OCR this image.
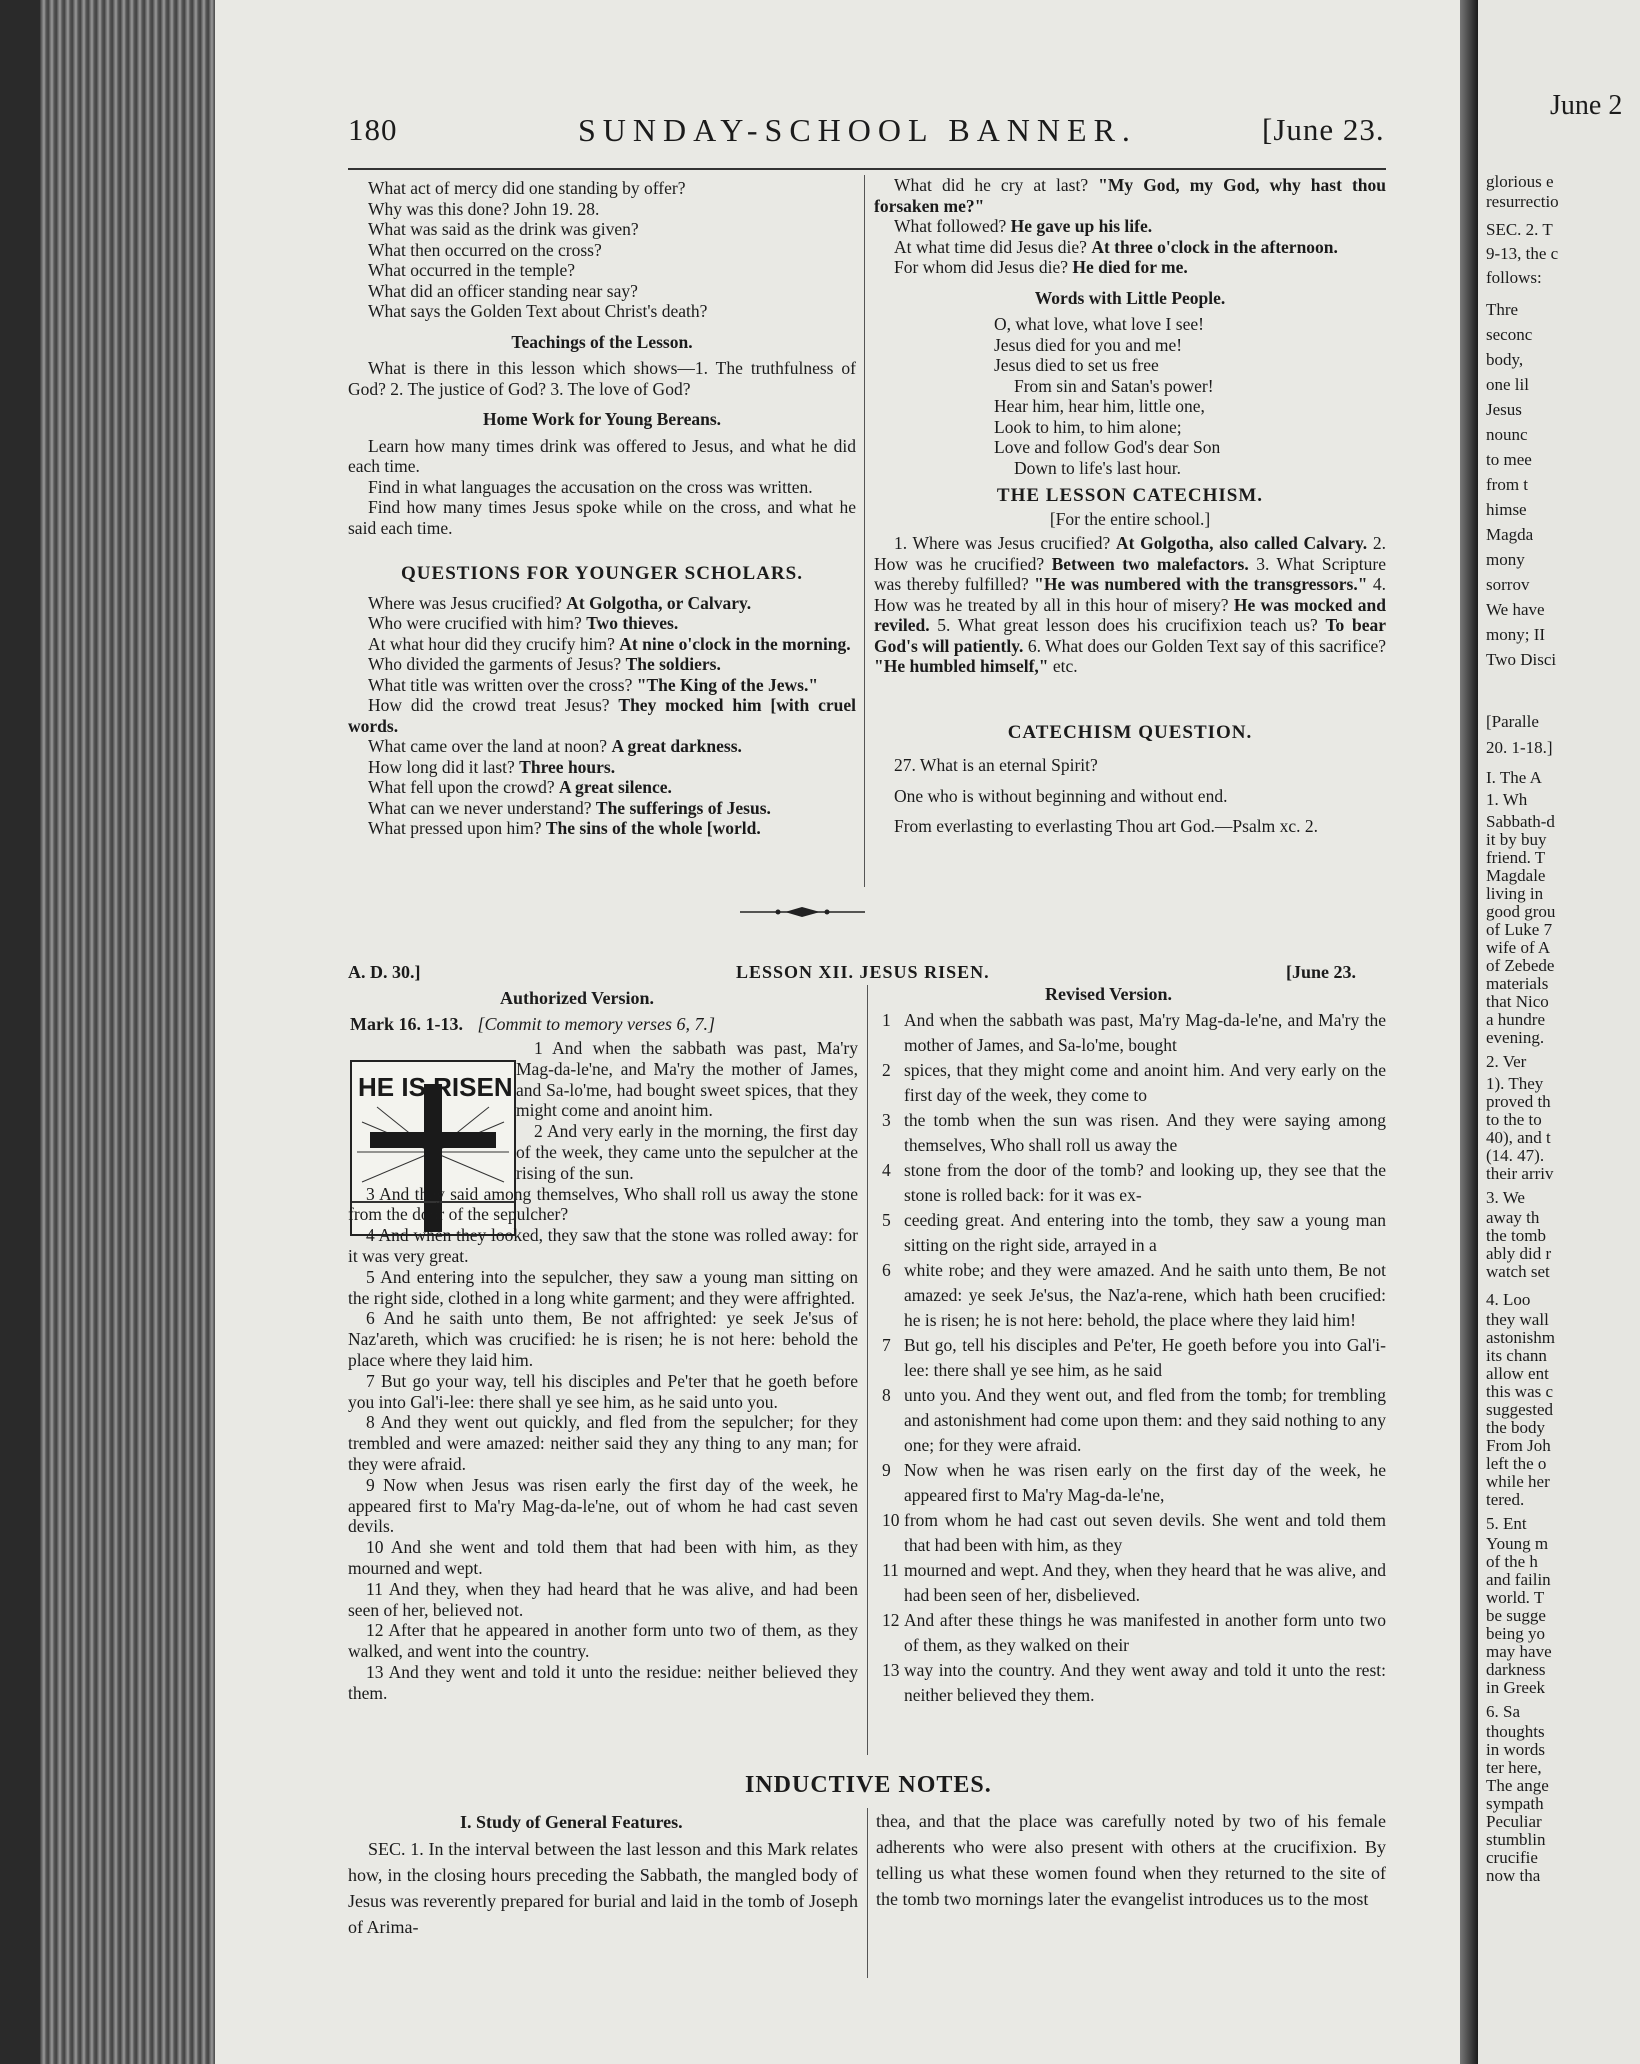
glorious e
resurrectio
SEC. 2. T
9-13, the c
follows:
Thre
seconc
body,
one lil
Jesus
nounc
to mee
from t
himse
Magda
mony
sorrov
We have
mony; II
Two Disci
[Paralle
20. 1-18.]
I. The A
1. Wh
Sabbath-d
it by buy
friend. T
Magdale
living in
good grou
of Luke 7
wife of A
of Zebede
materials
that Nico
a hundre
evening.
2. Ver
1). They
proved th
to the to
40), and t
(14. 47).
their arriv
3. We
away th
the tomb
ably did r
watch set
4. Loo
they wall
astonishm
its chann
allow ent
this was c
suggested
the body
From Joh
left the o
while her
tered.
5. Ent
Young m
of the h
and failin
world. T
be sugge
being yo
may have
darkness
in Greek
6. Sa
thoughts
in words
ter here,
The ange
sympath
Peculiar
stumblin
crucifie
now tha
180	SUNDAY-SCHOOL BANNER.	[June 23.

What act of mercy did one standing by offer?

Why was this done? John 19. 28.

What was said as the drink was given?

What then occurred on the cross?

What occurred in the temple?

What did an officer standing near say?

What says the Golden Text about Christ's death?

Teachings of the Lesson.

What is there in this lesson which shows—1. The truthfulness of God? 2. The justice of God? 3. The love of God?

Home Work for Young Bereans.

Learn how many times drink was offered to Jesus, and what he did each time.

Find in what languages the accusation on the cross was written.

Find how many times Jesus spoke while on the cross, and what he said each time.

QUESTIONS FOR YOUNGER SCHOLARS.

Where was Jesus crucified? At Golgotha, or Calvary.

Who were crucified with him? Two thieves.

At what hour did they crucify him? At nine o'clock in the morning.

Who divided the garments of Jesus? The soldiers.

What title was written over the cross? "The King of the Jews."

How did the crowd treat Jesus? They mocked him [with cruel words.

What came over the land at noon? A great darkness.

How long did it last? Three hours.

What fell upon the crowd? A great silence.

What can we never understand? The sufferings of Jesus.

What pressed upon him? The sins of the whole [world.

What did he cry at last? "My God, my God, why hast thou forsaken me?"

What followed? He gave up his life.

At what time did Jesus die? At three o'clock in the afternoon.

For whom did Jesus die? He died for me.

Words with Little People.
O, what love, what love I see!
Jesus died for you and me!
Jesus died to set us free
From sin and Satan's power!
Hear him, hear him, little one,
Look to him, to him alone;
Love and follow God's dear Son
Down to life's last hour.
THE LESSON CATECHISM.
[For the entire school.]

1. Where was Jesus crucified? At Golgotha, also called Calvary. 2. How was he crucified? Between two malefactors. 3. What Scripture was thereby fulfilled? "He was numbered with the transgressors." 4. How was he treated by all in this hour of misery? He was mocked and reviled. 5. What great lesson does his crucifixion teach us? To bear God's will patiently. 6. What does our Golden Text say of this sacrifice? "He humbled himself," etc.

CATECHISM QUESTION.

27. What is an eternal Spirit?

One who is without beginning and without end.

From everlasting to everlasting Thou art God.—Psalm xc. 2.

A. D. 30.]	LESSON XII. JESUS RISEN.	[June 23.
Authorized Version.	Revised Version.
Mark 16. 1-13. [Commit to memory verses 6, 7.]
HE IS RISEN

1 And when the sabbath was past, Ma'ry Mag-da-le'ne, and Ma'ry the mother of James, and Sa-lo'me, had bought sweet spices, that they might come and anoint him.

2 And very early in the morning, the first day of the week, they came unto the sepulcher at the rising of the sun.

3 And they said among themselves, Who shall roll us away the stone from the door of the sepulcher?

4 And when they looked, they saw that the stone was rolled away: for it was very great.

5 And entering into the sepulcher, they saw a young man sitting on the right side, clothed in a long white garment; and they were affrighted.

6 And he saith unto them, Be not affrighted: ye seek Je'sus of Naz'areth, which was crucified: he is risen; he is not here: behold the place where they laid him.

7 But go your way, tell his disciples and Pe'ter that he goeth before you into Gal'i-lee: there shall ye see him, as he said unto you.

8 And they went out quickly, and fled from the sepulcher; for they trembled and were amazed: neither said they any thing to any man; for they were afraid.

9 Now when Jesus was risen early the first day of the week, he appeared first to Ma'ry Mag-da-le'ne, out of whom he had cast seven devils.

10 And she went and told them that had been with him, as they mourned and wept.

11 And they, when they had heard that he was alive, and had been seen of her, believed not.

12 After that he appeared in another form unto two of them, as they walked, and went into the country.

13 And they went and told it unto the residue: neither believed they them.

1 And when the sabbath was past, Ma'ry Mag-da-le'ne, and Ma'ry the mother of James, and Sa-lo'me, bought
2 spices, that they might come and anoint him. And very early on the first day of the week, they come to
3 the tomb when the sun was risen. And they were saying among themselves, Who shall roll us away the
4 stone from the door of the tomb? and looking up, they see that the stone is rolled back: for it was ex-
5 ceeding great. And entering into the tomb, they saw a young man sitting on the right side, arrayed in a
6 white robe; and they were amazed. And he saith unto them, Be not amazed: ye seek Je'sus, the Naz'a-rene, which hath been crucified: he is risen; he is not here: behold, the place where they laid him!
7 But go, tell his disciples and Pe'ter, He goeth before you into Gal'i-lee: there shall ye see him, as he said
8 unto you. And they went out, and fled from the tomb; for trembling and astonishment had come upon them: and they said nothing to any one; for they were afraid.
9 Now when he was risen early on the first day of the week, he appeared first to Ma'ry Mag-da-le'ne,
10 from whom he had cast out seven devils. She went and told them that had been with him, as they
11 mourned and wept. And they, when they heard that he was alive, and had been seen of her, disbelieved.
12 And after these things he was manifested in another form unto two of them, as they walked on their
13 way into the country. And they went away and told it unto the rest: neither believed they them.
INDUCTIVE NOTES.
I. Study of General Features.

SEC. 1. In the interval between the last lesson and this Mark relates how, in the closing hours preceding the Sabbath, the mangled body of Jesus was reverently prepared for burial and laid in the tomb of Joseph of Arima-

thea, and that the place was carefully noted by two of his female adherents who were also present with others at the crucifixion. By telling us what these women found when they returned to the site of the tomb two mornings later the evangelist introduces us to the most

June 2
